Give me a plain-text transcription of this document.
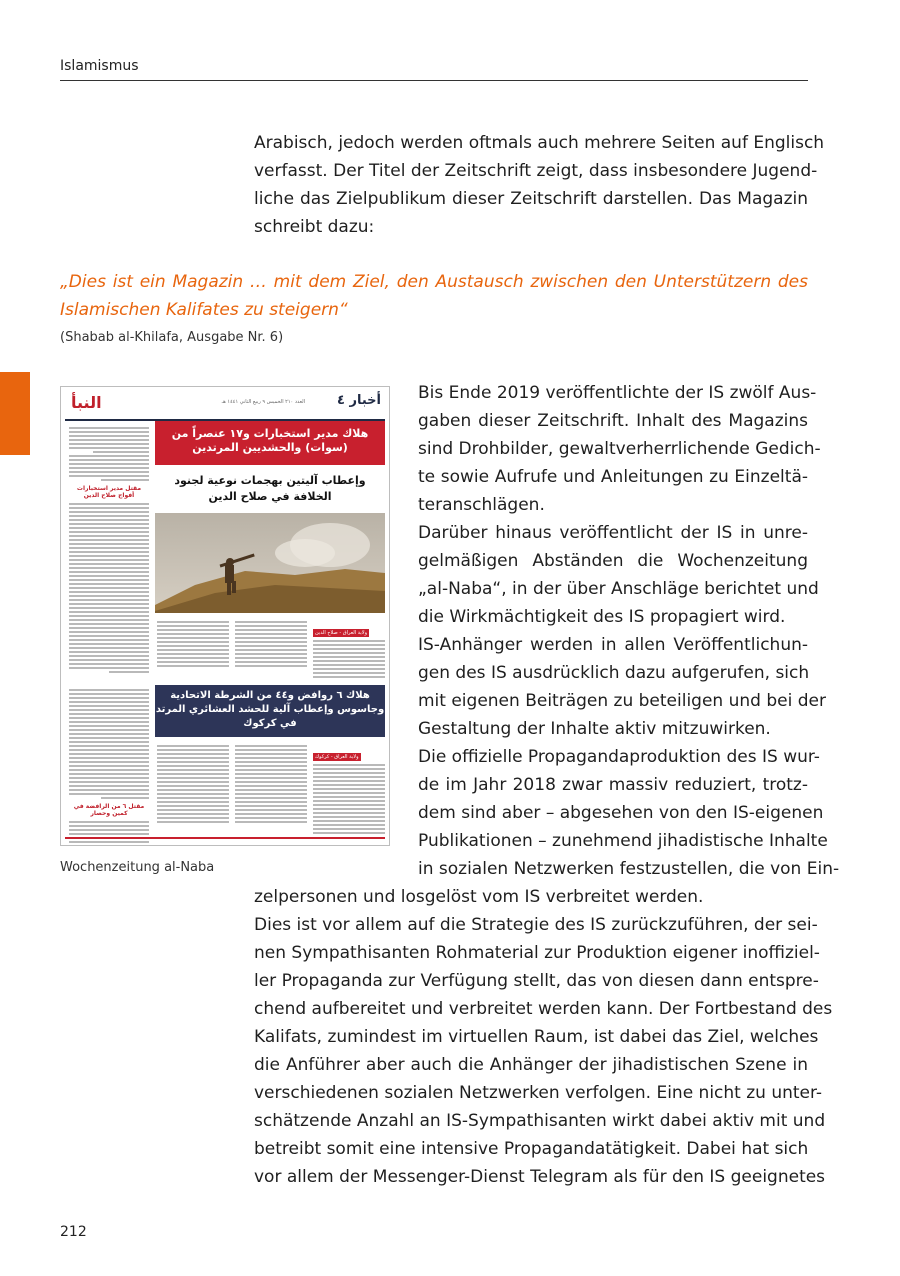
Islamismus
Arabisch, jedoch werden oftmals auch mehrere Seiten auf Englisch
verfasst. Der Titel der Zeitschrift zeigt, dass insbesondere Jugend-
liche das Zielpublikum dieser Zeitschrift darstellen. Das Magazin
schreibt dazu:
„Dies ist ein Magazin … mit dem Ziel, den Austausch zwischen den Unterstützern des
Islamischen Kalifates zu steigern“
(Shabab al-Khilafa, Ausgabe Nr. 6)
النبأ	العدد ٢١٠ الخميس ٩ ربيع الثاني ١٤٤١ هـ أخبار ٤
مقتل مدير استخبارات أفواج صلاح الدين
مقتل ٦ من الرافضة في كمين وحصار
هلاك مدير استخبارات و١٧ عنصراً من (سوات) والحشديين المرتدين
وإعطاب آليتين بهجمات نوعية لجنود الخلافة في صلاح الدين
ولاية العراق - صلاح الدين
هلاك ٦ روافض و٤٤ من الشرطة الاتحادية وجاسوس وإعطاب آلية للحشد العشائري المرتد في كركوك
ولاية العراق - كركوك
Wochenzeitung al-Naba
Bis Ende 2019 veröffentlichte der IS zwölf Aus-
gaben dieser Zeitschrift. Inhalt des Magazins
sind Drohbilder, gewaltverherrlichende Gedich-
te sowie Aufrufe und Anleitungen zu Einzeltä-
teranschlägen.
Darüber hinaus veröffentlicht der IS in unre-
gelmäßigen Abständen die Wochenzeitung
„al-Naba“, in der über Anschläge berichtet und
die Wirkmächtigkeit des IS propagiert wird.
IS-Anhänger werden in allen Veröffentlichun-
gen des IS ausdrücklich dazu aufgerufen, sich
mit eigenen Beiträgen zu beteiligen und bei der
Gestaltung der Inhalte aktiv mitzuwirken.
Die offizielle Propagandaproduktion des IS wur-
de im Jahr 2018 zwar massiv reduziert, trotz-
dem sind aber – abgesehen von den IS-eigenen
Publikationen – zunehmend jihadistische Inhalte
in sozialen Netzwerken festzustellen, die von Ein-
zelpersonen und losgelöst vom IS verbreitet werden.
Dies ist vor allem auf die Strategie des IS zurückzuführen, der sei-
nen Sympathisanten Rohmaterial zur Produktion eigener inoffiziel-
ler Propaganda zur Verfügung stellt, das von diesen dann entspre-
chend aufbereitet und verbreitet werden kann. Der Fortbestand des
Kalifats, zumindest im virtuellen Raum, ist dabei das Ziel, welches
die Anführer aber auch die Anhänger der jihadistischen Szene in
verschiedenen sozialen Netzwerken verfolgen. Eine nicht zu unter-
schätzende Anzahl an IS-Sympathisanten wirkt dabei aktiv mit und
betreibt somit eine intensive Propagandatätigkeit. Dabei hat sich
vor allem der Messenger-Dienst Telegram als für den IS geeignetes
212
